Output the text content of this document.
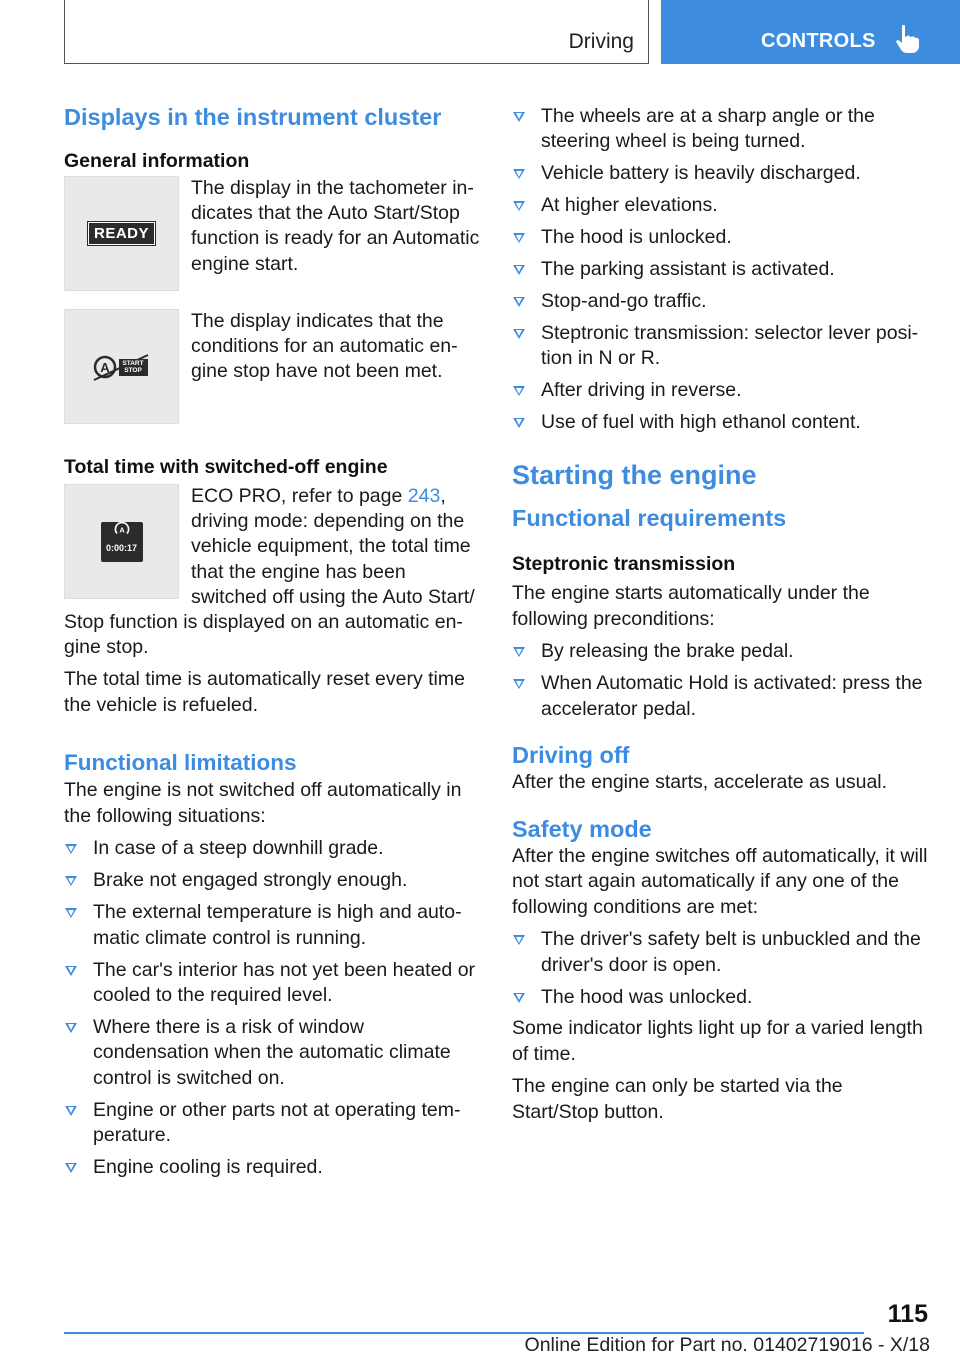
Driving	CONTROLS
Displays in the instrument cluster
General information
READY
The display in the tachometer indicates that the Auto Start/Stop function is ready for an Automatic engine start.
A	START
STOP
The display indicates that the conditions for an automatic engine stop have not been met.
Total time with switched-off engine
A
0:00:17
ECO PRO, refer to page 243, driving mode: depending on the vehicle equipment, the total time that the engine has been switched off using the Auto Start/ Stop function is displayed on an automatic engine stop.
The total time is automatically reset every time the vehicle is refueled.
Functional limitations
The engine is not switched off automatically in the following situations:
In case of a steep downhill grade.
Brake not engaged strongly enough.
The external temperature is high and automatic climate control is running.
The car's interior has not yet been heated or cooled to the required level.
Where there is a risk of window condensation when the automatic climate control is switched on.
Engine or other parts not at operating temperature.
Engine cooling is required.
The wheels are at a sharp angle or the steering wheel is being turned.
Vehicle battery is heavily discharged.
At higher elevations.
The hood is unlocked.
The parking assistant is activated.
Stop-and-go traffic.
Steptronic transmission: selector lever position in N or R.
After driving in reverse.
Use of fuel with high ethanol content.
Starting the engine
Functional requirements
Steptronic transmission
The engine starts automatically under the following preconditions:
By releasing the brake pedal.
When Automatic Hold is activated: press the accelerator pedal.
Driving off
After the engine starts, accelerate as usual.
Safety mode
After the engine switches off automatically, it will not start again automatically if any one of the following conditions are met:
The driver's safety belt is unbuckled and the driver's door is open.
The hood was unlocked.
Some indicator lights light up for a varied length of time.
The engine can only be started via the Start/Stop button.
115
Online Edition for Part no. 01402719016 - X/18
